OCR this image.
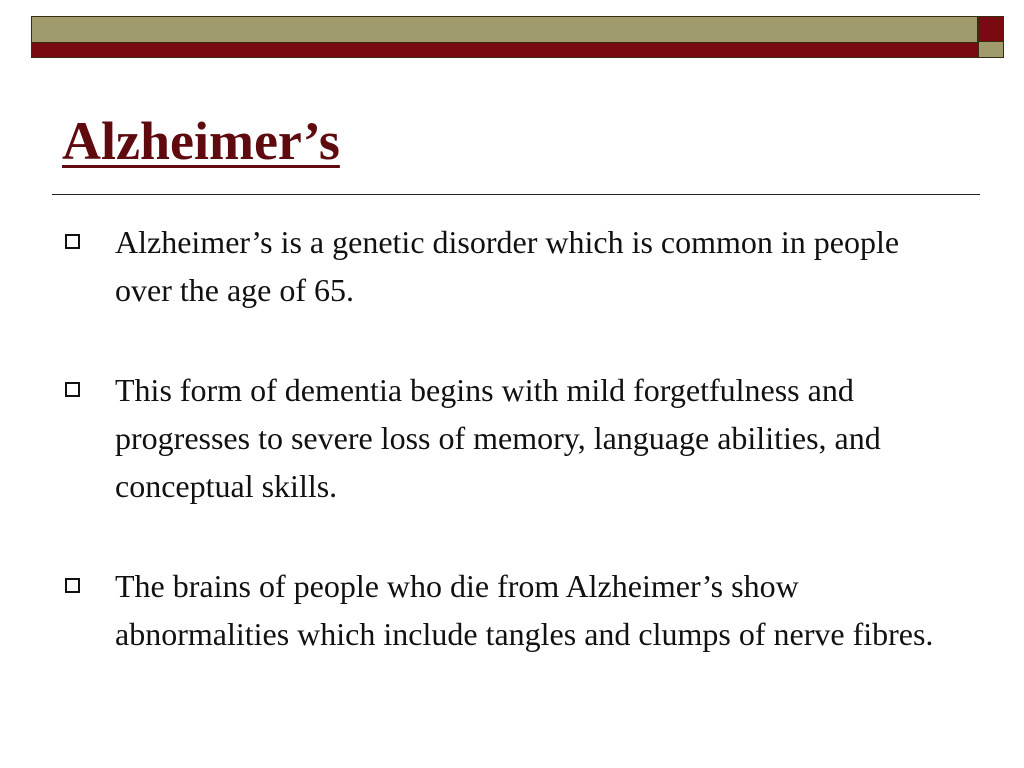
Alzheimer’s
Alzheimer’s is a genetic disorder which is common in people over the age of 65.
This form of dementia begins with mild forgetfulness and progresses to severe loss of memory, language abilities, and conceptual skills.
The brains of people who die from Alzheimer’s show abnormalities which include tangles and clumps of nerve fibres.
